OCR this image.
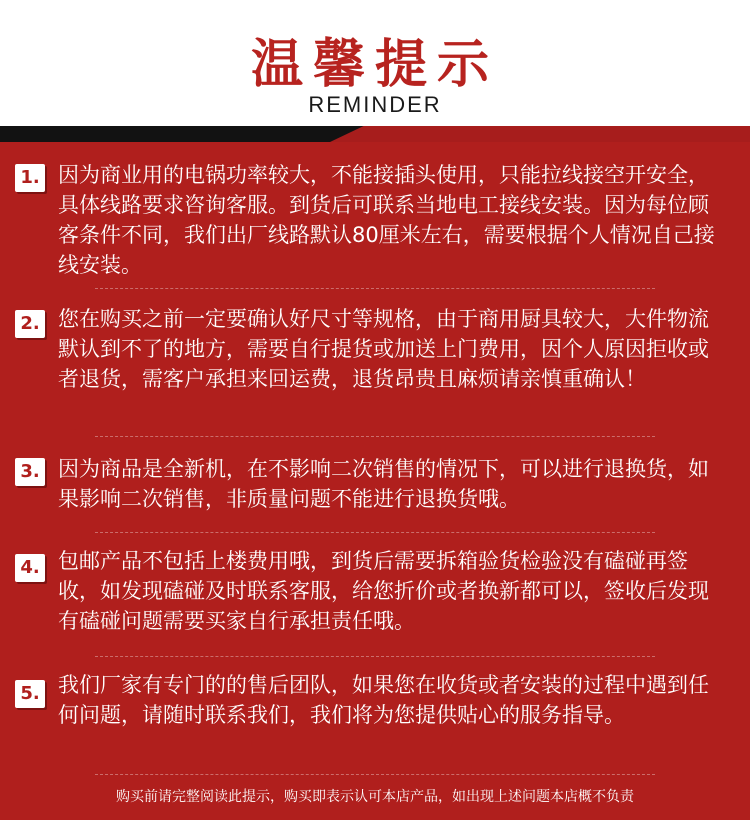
温馨提示
REMINDER
1. 因为商业用的电锅功率较大，不能接插头使用，只能拉线接空开安全，具体线路要求咨询客服。到货后可联系当地电工接线安装。因为每位顾客条件不同，我们出厂线路默认80厘米左右，需要根据个人情况自己接线安装。
2. 您在购买之前一定要确认好尺寸等规格，由于商用厨具较大，大件物流默认到不了的地方，需要自行提货或加送上门费用，因个人原因拒收或者退货，需客户承担来回运费，退货昂贵且麻烦请亲慎重确认！
3. 因为商品是全新机，在不影响二次销售的情况下，可以进行退换货，如果影响二次销售，非质量问题不能进行退换货哦。
4. 包邮产品不包括上楼费用哦，到货后需要拆箱验货检验没有磕碰再签收，如发现磕碰及时联系客服，给您折价或者换新都可以，签收后发现有磕碰问题需要买家自行承担责任哦。
5. 我们厂家有专门的的售后团队，如果您在收货或者安装的过程中遇到任何问题，请随时联系我们，我们将为您提供贴心的服务指导。
购买前请完整阅读此提示，购买即表示认可本店产品，如出现上述问题本店概不负责
